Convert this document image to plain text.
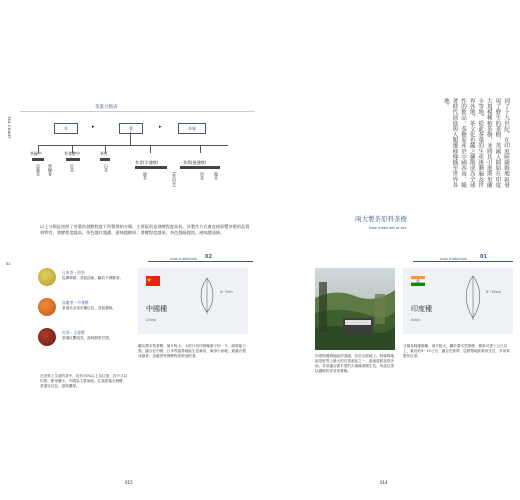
TEA CHART
02
茶葉分類表
茶	葉	茶綠
▸	▸
茶綠中	茶發酵中	茶紅
茶青(半發酵)	茶黃(後發酵)
烏龍茶 碧螺春	紅茶	白茶
綠茶	(普洱茶)	黑茶 龍井
以上分類是按照了茶葉的發酵程度下所整理的分類，主要區別是發酵程度高低，其製作方式會直接影響茶葉的品質和特性，發酵程度越高，茶色越紅越濃，滋味越醇厚；發酵程度越低，茶色越綠越淡，滋味越清新。
now materials 02
日本茶・煎茶
色澤翠綠、香氣清新，屬於不發酵茶。
烏龍茶・中發酵
茶湯呈金黃至橘紅色，香氣濃郁。
紅茶・全發酵
茶湯紅艷明亮，滋味醇厚甘甜。
在世界上生產的茶中，約有70%以上為紅茶，其中又以印度、斯里蘭卡、中國為主要產地。紅茶經過全發酵，茶湯呈紅色，滋味濃厚。
中國種
China
4~7cm
屬於喬木型茶樹，葉片較小，大約只有印度種葉子的一半，耐寒能力強，適合在中國、日本等溫帶地區生長栽培，葉形小而硬，最適合製成綠茶、烏龍茶等發酵程度較低的茶。
015
到了十九世紀，在印度阿薩姆地區發現了野生的茶樹，英國人開始在印度大規模種植茶樹，並將其引進斯里蘭卡等地，從此茶葉的生產逐漸遍及世界各地，茶文化也隨之擴散成為全球性的飲品。茶樹原產於中國西南，隨著時代演進與人類遷移傳播至世界各地。
兩大製茶原料茶樹
Now materials of tea
now materials	01
印度阿薩姆地區的茶園，位於山坡地上。阿薩姆地區是世界上最大的紅茶產區之一，當地氣候炎熱多雨，非常適合喬木型的大葉種茶樹生長，所產紅茶以濃郁的麥芽香著稱。
印度種
India
9~15cm
又稱為阿薩姆種，葉片較大，屬於喬木型茶樹，樹高可達十公尺以上，葉長約9~15公分，適合在熱帶、亞熱帶地區栽培生長，多用來製作紅茶。
014
